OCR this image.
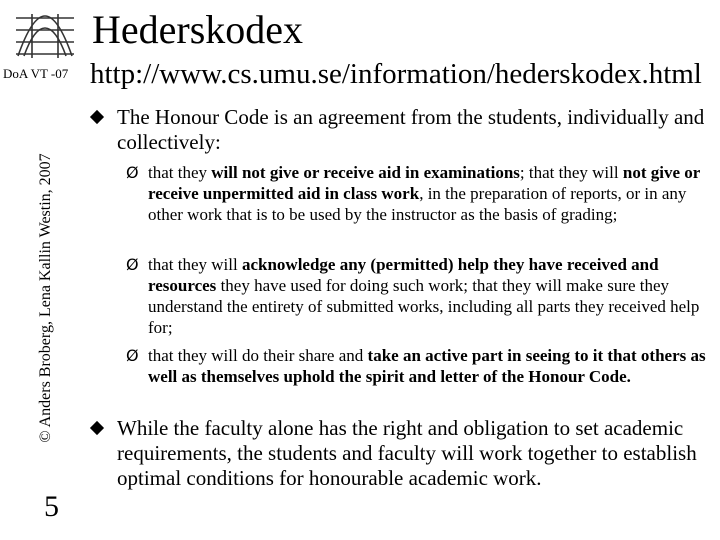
Hederskodex
DoA VT -07 http://www.cs.umu.se/information/hederskodex.html
© Anders Broberg, Lena Kallin Westin, 2007
5
The Honour Code is an agreement from the students, individually and collectively:
Ø that they will not give or receive aid in examinations; that they will not give or receive unpermitted aid in class work, in the preparation of reports, or in any other work that is to be used by the instructor as the basis of grading;
Ø that they will acknowledge any (permitted) help they have received and resources they have used for doing such work; that they will make sure they understand the entirety of submitted works, including all parts they received help for;
Ø that they will do their share and take an active part in seeing to it that others as well as themselves uphold the spirit and letter of the Honour Code.
While the faculty alone has the right and obligation to set academic requirements, the students and faculty will work together to establish optimal conditions for honourable academic work.
